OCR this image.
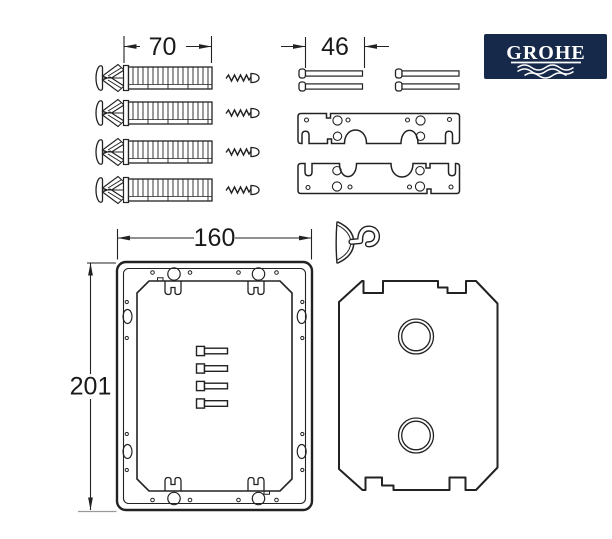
70	46	GROHE
160
201
